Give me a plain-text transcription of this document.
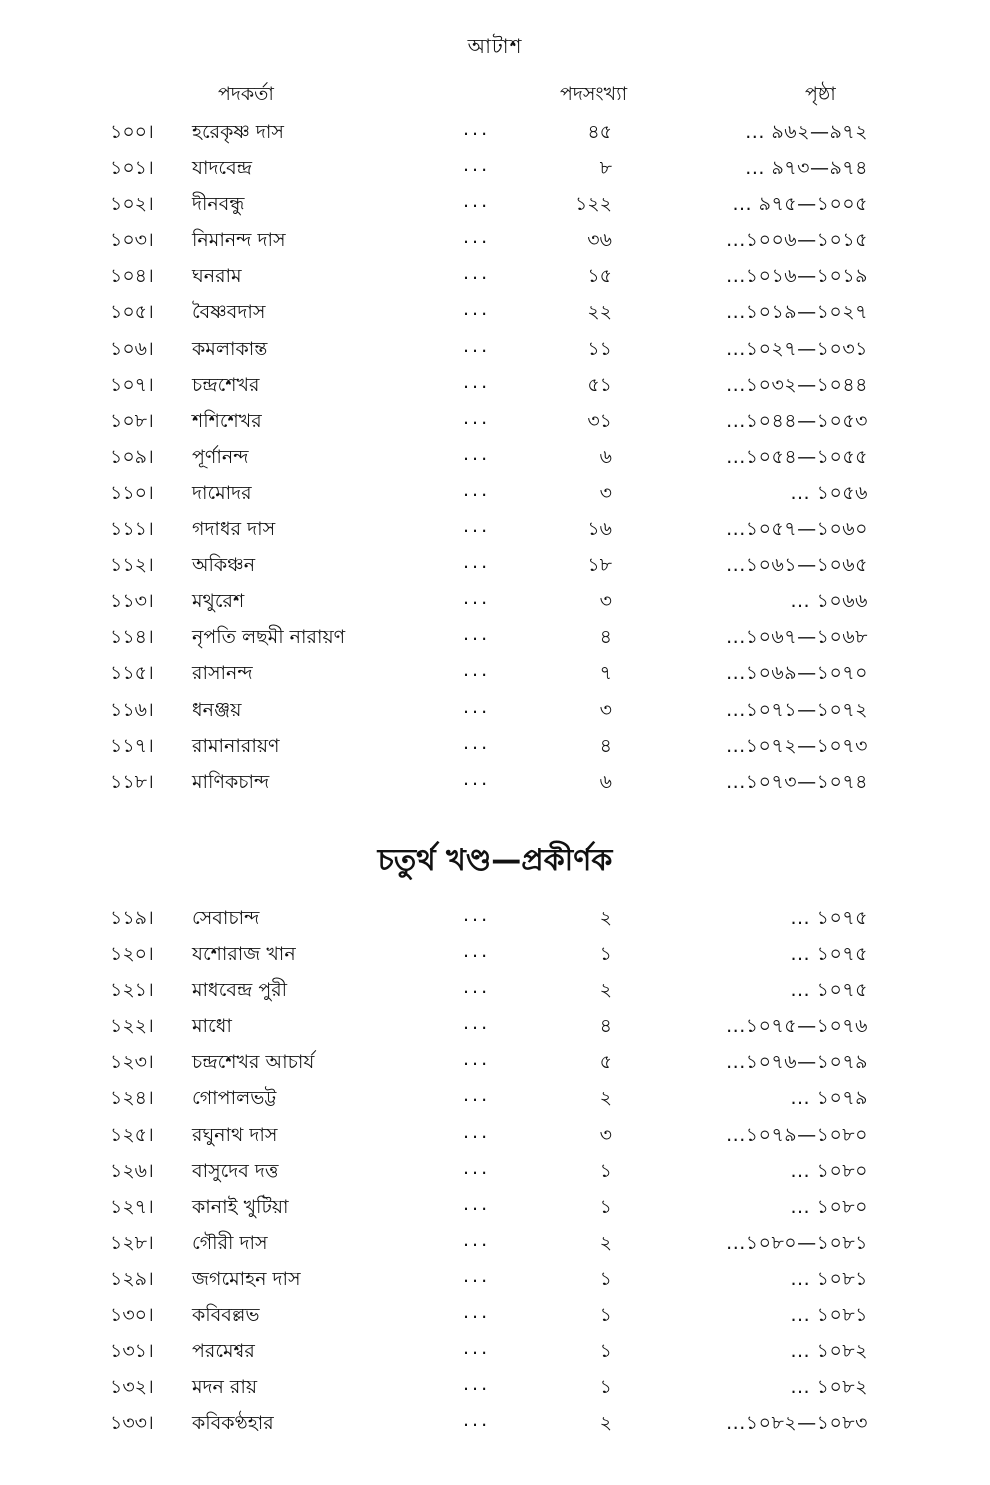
আটাশ
পদকর্তা	পদসংখ্যা	পৃষ্ঠা
১০০।	হরেকৃষ্ণ দাস	...	৪৫	... ৯৬২—৯৭২
১০১।	যাদবেন্দ্র	...	৮	... ৯৭৩—৯৭৪
১০২।	দীনবন্ধু	...	১২২	... ৯৭৫—১০০৫
১০৩।	নিমানন্দ দাস	...	৩৬	...১০০৬—১০১৫
১০৪।	ঘনরাম	...	১৫	...১০১৬—১০১৯
১০৫।	বৈষ্ণবদাস	...	২২	...১০১৯—১০২৭
১০৬।	কমলাকান্ত	...	১১	...১০২৭—১০৩১
১০৭।	চন্দ্রশেখর	...	৫১	...১০৩২—১০৪৪
১০৮।	শশিশেখর	...	৩১	...১০৪৪—১০৫৩
১০৯।	পূর্ণানন্দ	...	৬	...১০৫৪—১০৫৫
১১০।	দামোদর	...	৩	... ১০৫৬
১১১।	গদাধর দাস	...	১৬	...১০৫৭—১০৬০
১১২।	অকিঞ্চন	...	১৮	...১০৬১—১০৬৫
১১৩।	মথুরেশ	...	৩	... ১০৬৬
১১৪।	নৃপতি লছমী নারায়ণ	...	৪	...১০৬৭—১০৬৮
১১৫।	রাসানন্দ	...	৭	...১০৬৯—১০৭০
১১৬।	ধনঞ্জয়	...	৩	...১০৭১—১০৭২
১১৭।	রামানারায়ণ	...	৪	...১০৭২—১০৭৩
১১৮।	মাণিকচান্দ	...	৬	...১০৭৩—১০৭৪
চতুর্থ খণ্ড—প্রকীর্ণক
১১৯।	সেবাচান্দ	...	২	... ১০৭৫
১২০।	যশোরাজ খান	...	১	... ১০৭৫
১২১।	মাধবেন্দ্র পুরী	...	২	... ১০৭৫
১২২।	মাধো	...	৪	...১০৭৫—১০৭৬
১২৩।	চন্দ্রশেখর আচার্য	...	৫	...১০৭৬—১০৭৯
১২৪।	গোপালভট্ট	...	২	... ১০৭৯
১২৫।	রঘুনাথ দাস	...	৩	...১০৭৯—১০৮০
১২৬।	বাসুদেব দত্ত	...	১	... ১০৮০
১২৭।	কানাই খুটিয়া	...	১	... ১০৮০
১২৮।	গৌরী দাস	...	২	...১০৮০—১০৮১
১২৯।	জগমোহন দাস	...	১	... ১০৮১
১৩০।	কবিবল্লভ	...	১	... ১০৮১
১৩১।	পরমেশ্বর	...	১	... ১০৮২
১৩২।	মদন রায়	...	১	... ১০৮২
১৩৩।	কবিকণ্ঠহার	...	২	...১০৮২—১০৮৩
